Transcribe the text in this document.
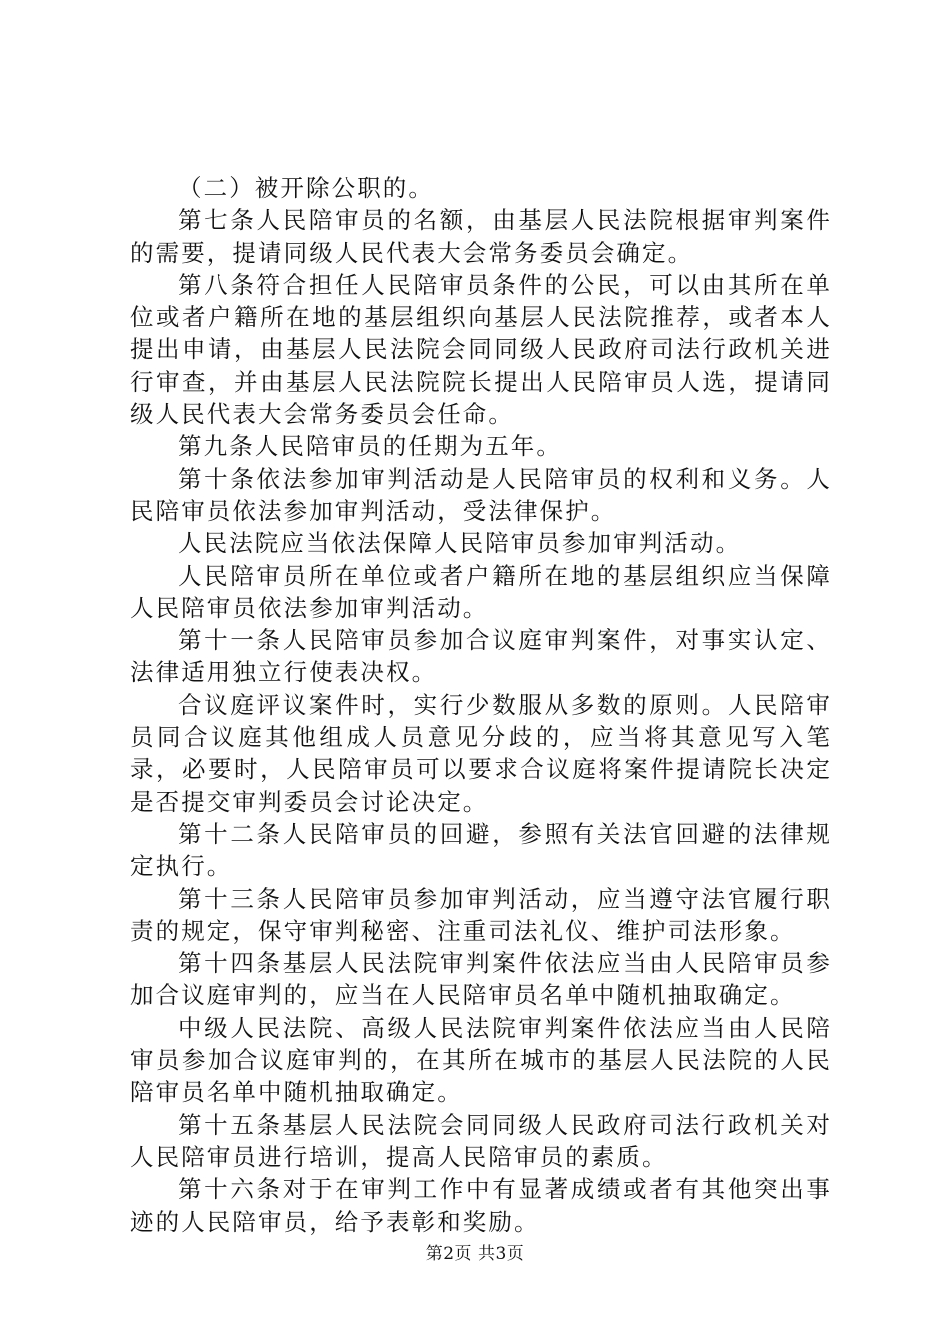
（二）被开除公职的。

第七条人民陪审员的名额，由基层人民法院根据审判案件的需要，提请同级人民代表大会常务委员会确定。

第八条符合担任人民陪审员条件的公民，可以由其所在单位或者户籍所在地的基层组织向基层人民法院推荐，或者本人提出申请，由基层人民法院会同同级人民政府司法行政机关进行审查，并由基层人民法院院长提出人民陪审员人选，提请同级人民代表大会常务委员会任命。

第九条人民陪审员的任期为五年。

第十条依法参加审判活动是人民陪审员的权利和义务。人民陪审员依法参加审判活动，受法律保护。

人民法院应当依法保障人民陪审员参加审判活动。

人民陪审员所在单位或者户籍所在地的基层组织应当保障人民陪审员依法参加审判活动。

第十一条人民陪审员参加合议庭审判案件，对事实认定、法律适用独立行使表决权。

合议庭评议案件时，实行少数服从多数的原则。人民陪审员同合议庭其他组成人员意见分歧的，应当将其意见写入笔录，必要时，人民陪审员可以要求合议庭将案件提请院长决定是否提交审判委员会讨论决定。

第十二条人民陪审员的回避，参照有关法官回避的法律规定执行。

第十三条人民陪审员参加审判活动，应当遵守法官履行职责的规定，保守审判秘密、注重司法礼仪、维护司法形象。

第十四条基层人民法院审判案件依法应当由人民陪审员参加合议庭审判的，应当在人民陪审员名单中随机抽取确定。

中级人民法院、高级人民法院审判案件依法应当由人民陪审员参加合议庭审判的，在其所在城市的基层人民法院的人民陪审员名单中随机抽取确定。

第十五条基层人民法院会同同级人民政府司法行政机关对人民陪审员进行培训，提高人民陪审员的素质。

第十六条对于在审判工作中有显著成绩或者有其他突出事迹的人民陪审员，给予表彰和奖励。

第2页 共3页
